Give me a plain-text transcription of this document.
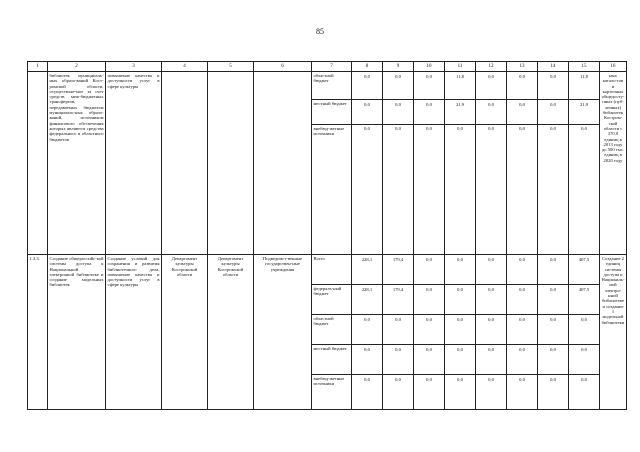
85
1	2	3	4	5	6	7	8	9	10	11	12	13	14	15	16
	библиотек муниципаль-ных образо-ваний Кост-ромской области, осуществляе-мое за счет средств меж-бюджетных трансфертов, передаваемых бюджетам муниципаль-ных образо-ваний, источником финансового обеспечения которых являются средства федерального и областного бюджетов	повышение качества и доступности услуг в сфере культуры				областной бюджет	0,0	0,0	0,0	11,8	0,0	0,0	0,0	11,8	ных катало-гов и карточных общедосту-пных (пуб-личных) библиотек Костром-ской области с 370,0 единиц в 2013 году до 500 тыс. единиц в 2020 году
						местный бюджет	0,0	0,0	0,0	21,9	0,0	0,0	0,0	21,9	
						внебюд-жетные источники	0,0	0,0	0,0	0,0	0,0	0,0	0,0	0,0	
1.3.3.	Создание общероссийс-кой системы доступа к Национальной электронной библиотеке и создание модельных библиотек	Создание условий для сохранения и развития библиотечного дела, повышение качества и доступности услуг в сфере культуры	Департамент культуры Костромской области	Департамент культуры Костромской области	Подведомст-венные государствен-ные учреждения	Всего	228,1	179,4	0,0	0,0	0,0	0,0	0,0	407,5	Создание 2 единиц системы доступа к Националь-ной электро-нной библиотеке и создание 1 модельной библиотеки
						федераль-ный бюджет	228,1	179,4	0,0	0,0	0,0	0,0	0,0	407,5	
						областной бюджет	0,0	0,0	0,0	0,0	0,0	0,0	0,0	0,0	
						местный бюджет	0,0	0,0	0,0	0,0	0,0	0,0	0,0	0,0	
						внебюд-жетные источники	0,0	0,0	0,0	0,0	0,0	0,0	0,0	0,0	
